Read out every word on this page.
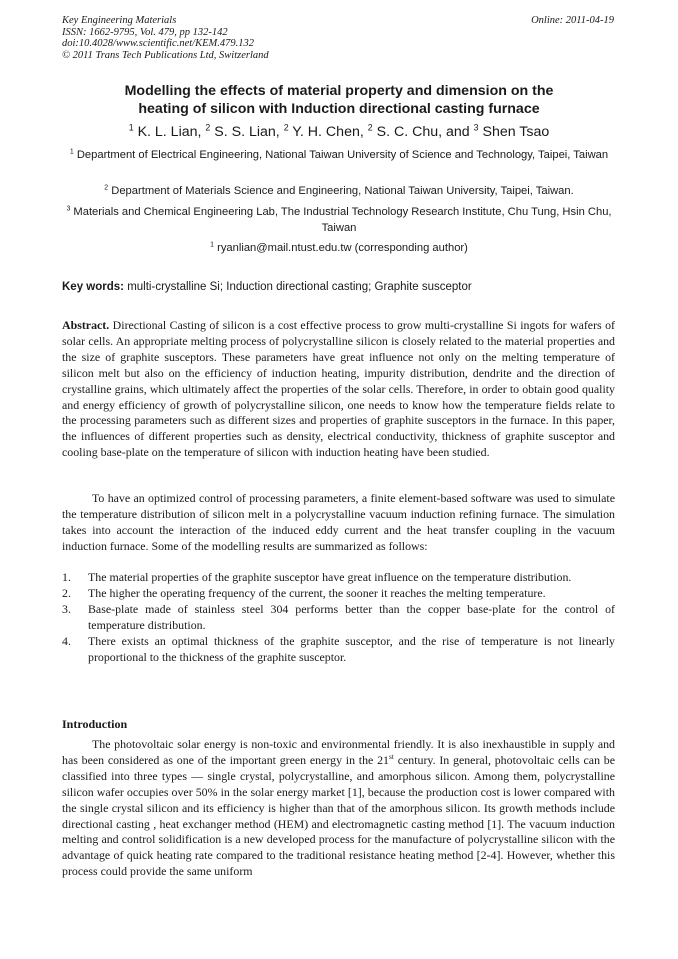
Key Engineering Materials
ISSN: 1662-9795, Vol. 479, pp 132-142
doi:10.4028/www.scientific.net/KEM.479.132
© 2011 Trans Tech Publications Ltd, Switzerland
Online: 2011-04-19
Modelling the effects of material property and dimension on the
heating of silicon with Induction directional casting furnace
$^1$ K. L. Lian, $^2$ S. S. Lian, $^2$ Y. H. Chen, $^2$ S. C. Chu, and $^3$ Shen Tsao
$^1$ Department of Electrical Engineering, National Taiwan University of Science and Technology, Taipei, Taiwan
$^2$ Department of Materials Science and Engineering, National Taiwan University, Taipei, Taiwan.
$^3$ Materials and Chemical Engineering Lab, The Industrial Technology Research Institute, Chu Tung, Hsin Chu, Taiwan
$^1$ ryanlian@mail.ntust.edu.tw (corresponding author)
Key words: multi-crystalline Si; Induction directional casting; Graphite susceptor
Abstract. Directional Casting of silicon is a cost effective process to grow multi-crystalline Si ingots for wafers of solar cells. An appropriate melting process of polycrystalline silicon is closely related to the material properties and the size of graphite susceptors. These parameters have great influence not only on the melting temperature of silicon melt but also on the efficiency of induction heating, impurity distribution, dendrite and the direction of crystalline grains, which ultimately affect the properties of the solar cells. Therefore, in order to obtain good quality and energy efficiency of growth of polycrystalline silicon, one needs to know how the temperature fields relate to the processing parameters such as different sizes and properties of graphite susceptors in the furnace. In this paper, the influences of different properties such as density, electrical conductivity, thickness of graphite susceptor and cooling base-plate on the temperature of silicon with induction heating have been studied.
To have an optimized control of processing parameters, a finite element-based software was used to simulate the temperature distribution of silicon melt in a polycrystalline vacuum induction refining furnace. The simulation takes into account the interaction of the induced eddy current and the heat transfer coupling in the vacuum induction furnace. Some of the modelling results are summarized as follows:
1. The material properties of the graphite susceptor have great influence on the temperature distribution.
2. The higher the operating frequency of the current, the sooner it reaches the melting temperature.
3. Base-plate made of stainless steel 304 performs better than the copper base-plate for the control of temperature distribution.
4. There exists an optimal thickness of the graphite susceptor, and the rise of temperature is not linearly proportional to the thickness of the graphite susceptor.
Introduction
The photovoltaic solar energy is non-toxic and environmental friendly. It is also inexhaustible in supply and has been considered as one of the important green energy in the 21st century. In general, photovoltaic cells can be classified into three types — single crystal, polycrystalline, and amorphous silicon. Among them, polycrystalline silicon wafer occupies over 50% in the solar energy market [1], because the production cost is lower compared with the single crystal silicon and its efficiency is higher than that of the amorphous silicon. Its growth methods include directional casting , heat exchanger method (HEM) and electromagnetic casting method [1]. The vacuum induction melting and control solidification is a new developed process for the manufacture of polycrystalline silicon with the advantage of quick heating rate compared to the traditional resistance heating method [2-4]. However, whether this process could provide the same uniform
